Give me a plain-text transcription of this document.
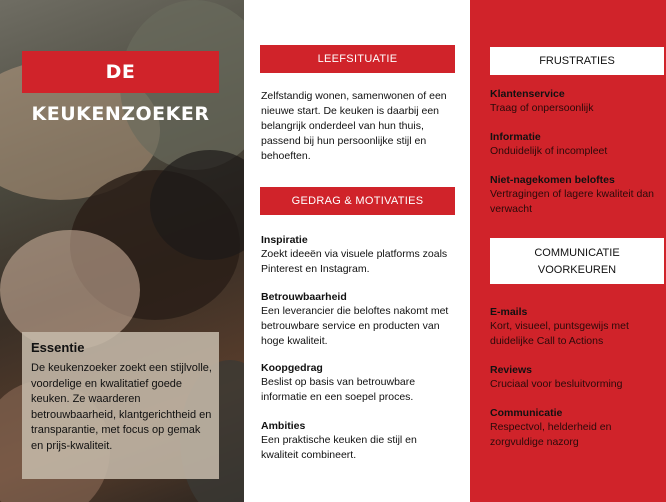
DE KEUKENZOEKER
Essentie

De keukenzoeker zoekt een stijlvolle, voordelige en kwalitatief goede keuken. Ze waarderen betrouwbaarheid, klantgerichtheid en transparantie, met focus op gemak en prijs-kwaliteit.

LEEFSITUATIE

Zelfstandig wonen, samenwonen of een nieuwe start. De keuken is daarbij een belangrijk onderdeel van hun thuis, passend bij hun persoonlijke stijl en behoeften.

GEDRAG & MOTIVATIES
Inspiratie

Zoekt ideeën via visuele platforms zoals Pinterest en Instagram.

Betrouwbaarheid

Een leverancier die beloftes nakomt met betrouwbare service en producten van hoge kwaliteit.

Koopgedrag

Beslist op basis van betrouwbare informatie en een soepel proces.

Ambities

Een praktische keuken die stijl en kwaliteit combineert.

FRUSTRATIES
Klantenservice
Traag of onpersoonlijk
Informatie
Onduidelijk of incompleet
Niet-nagekomen beloftes
Vertragingen of lagere kwaliteit dan verwacht
COMMUNICATIE
VOORKEUREN
E-mails
Kort, visueel, puntsgewijs met duidelijke Call to Actions
Reviews
Cruciaal voor besluitvorming
Communicatie
Respectvol, helderheid en zorgvuldige nazorg
